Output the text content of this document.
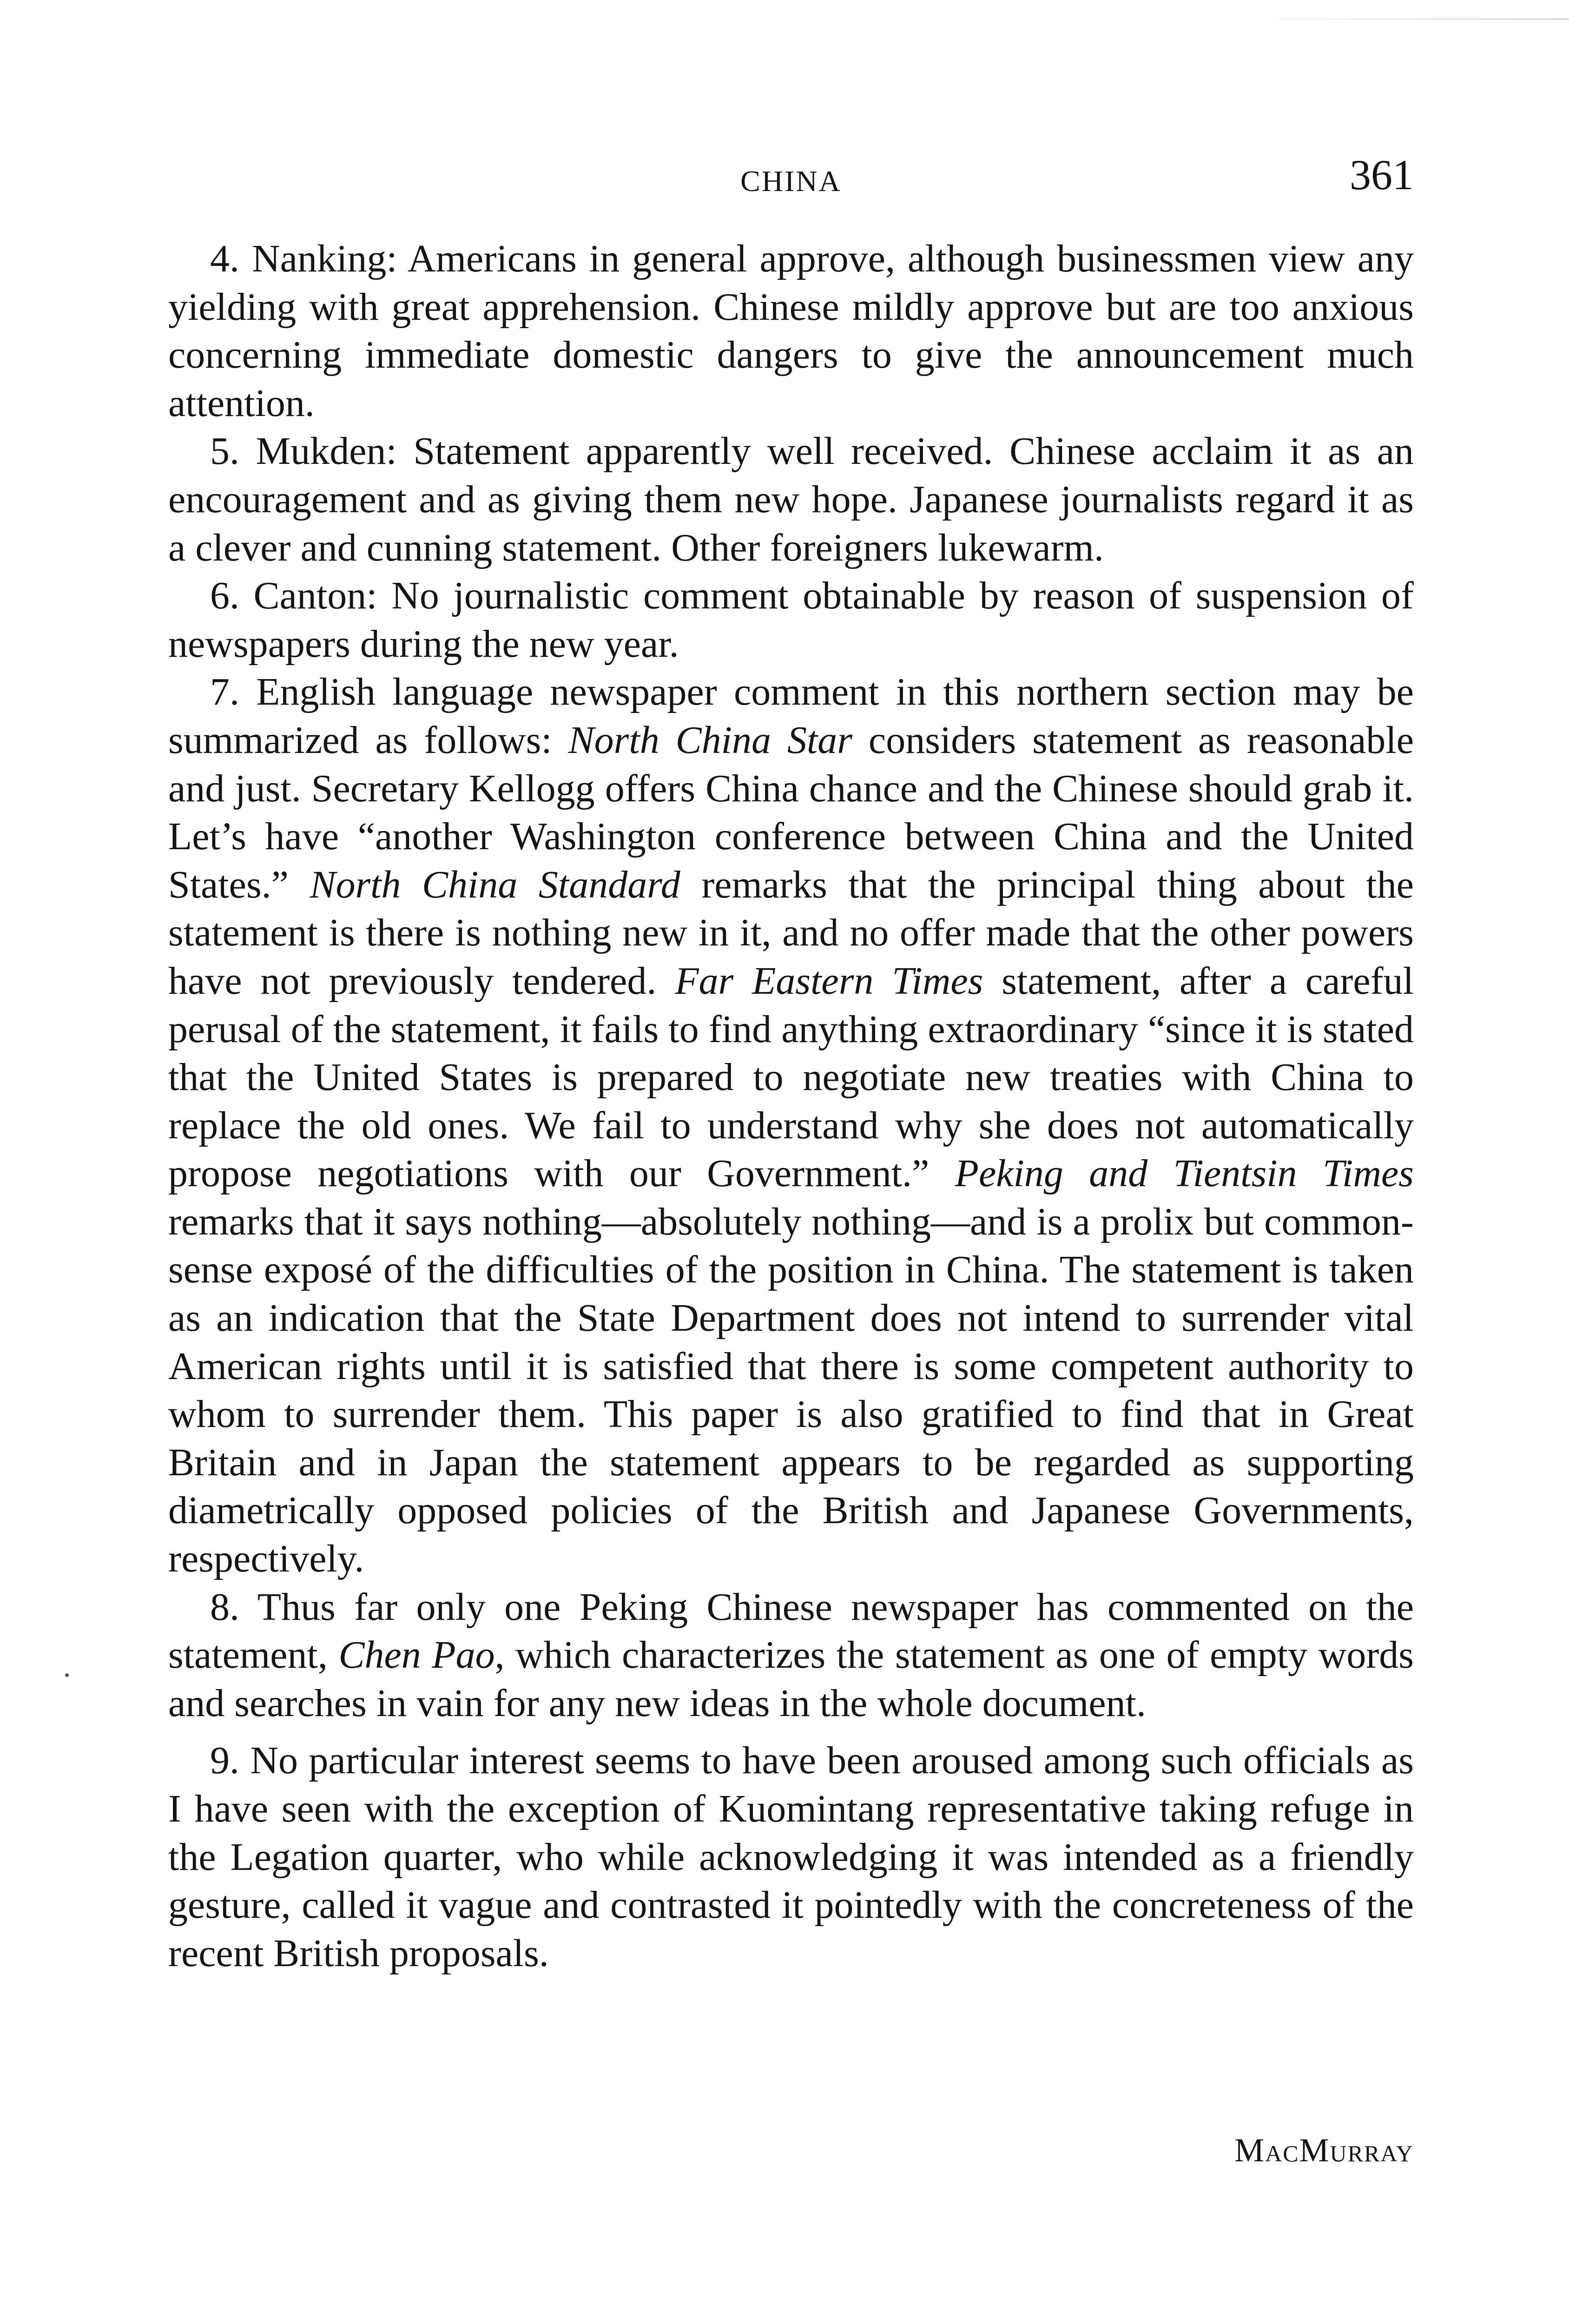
CHINA	361

4. Nanking: Americans in general approve, although businessmen view any yielding with great apprehension. Chinese mildly approve but are too anxious concerning immediate domestic dangers to give the announcement much attention.

5. Mukden: Statement apparently well received. Chinese acclaim it as an encouragement and as giving them new hope. Japanese journalists regard it as a clever and cunning statement. Other foreigners lukewarm.

6. Canton: No journalistic comment obtainable by reason of suspension of newspapers during the new year.

7. English language newspaper comment in this northern section may be summarized as follows: North China Star considers statement as reasonable and just. Secretary Kellogg offers China chance and the Chinese should grab it. Let’s have “another Washington conference between China and the United States.” North China Standard remarks that the principal thing about the statement is there is nothing new in it, and no offer made that the other powers have not previously tendered. Far Eastern Times statement, after a careful perusal of the statement, it fails to find anything extraordinary “since it is stated that the United States is prepared to negotiate new treaties with China to replace the old ones. We fail to understand why she does not automatically propose negotiations with our Government.” Peking and Tientsin Times remarks that it says nothing—absolutely nothing—and is a prolix but common-sense exposé of the difficulties of the position in China. The statement is taken as an indication that the State Department does not intend to surrender vital American rights until it is satisfied that there is some competent authority to whom to surrender them. This paper is also gratified to find that in Great Britain and in Japan the statement appears to be regarded as supporting diametrically opposed policies of the British and Japanese Governments, respectively.

8. Thus far only one Peking Chinese newspaper has commented on the statement, Chen Pao, which characterizes the statement as one of empty words and searches in vain for any new ideas in the whole document.

9. No particular interest seems to have been aroused among such officials as I have seen with the exception of Kuomintang representative taking refuge in the Legation quarter, who while acknowledging it was intended as a friendly gesture, called it vague and contrasted it pointedly with the concreteness of the recent British proposals.

MacMurray
